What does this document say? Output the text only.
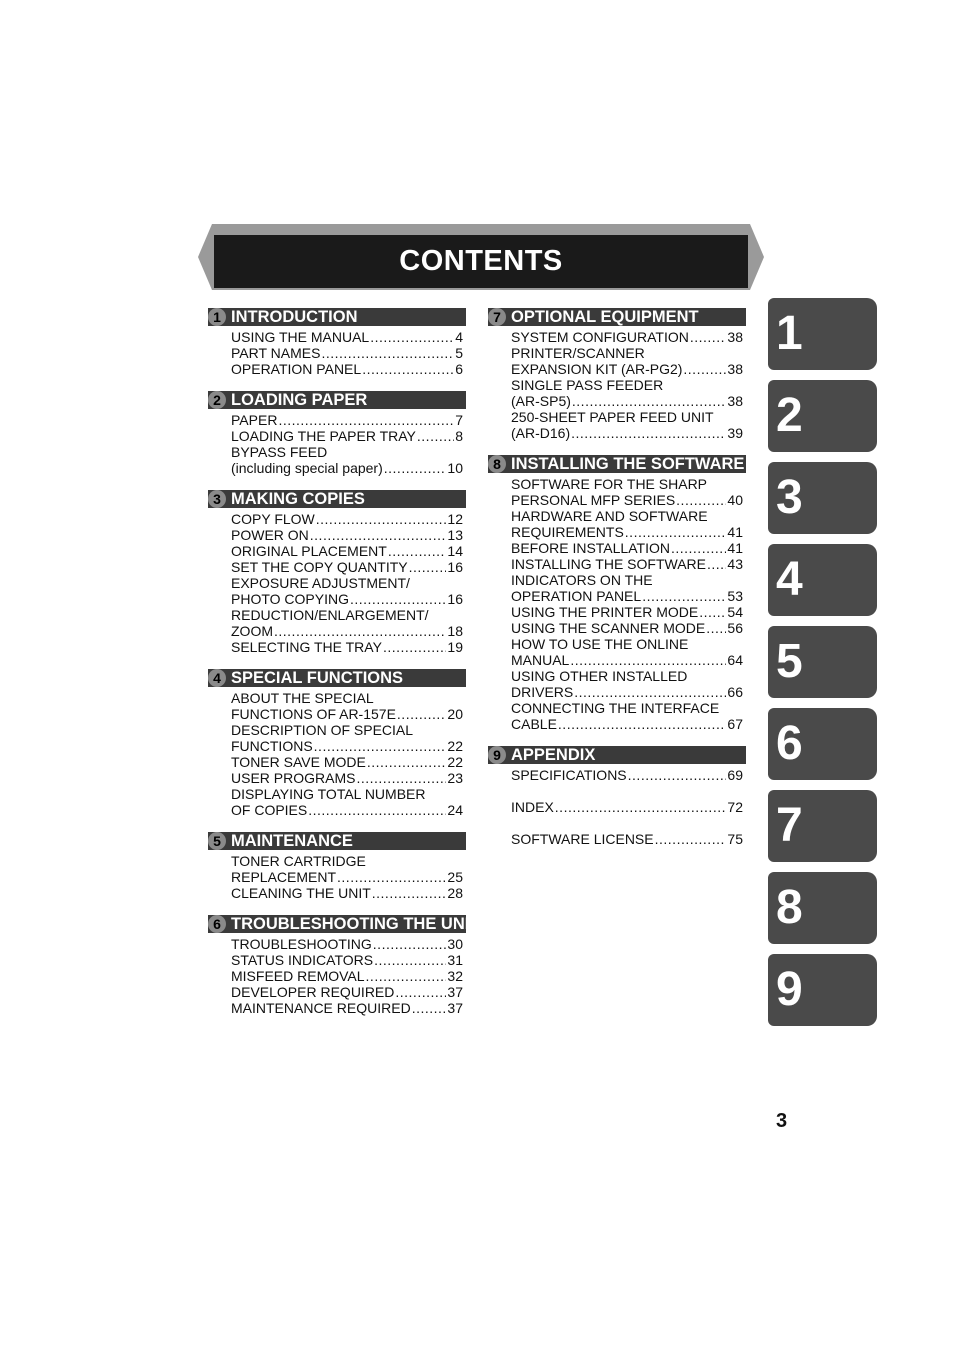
CONTENTS
1 INTRODUCTION
USING THE MANUAL .....	4
PART NAMES .....	5
OPERATION PANEL .....	6
2 LOADING PAPER
PAPER .....	7
LOADING THE PAPER TRAY .....	8
BYPASS FEED
(including special paper) .....	10
3 MAKING COPIES
COPY FLOW .....	12
POWER ON .....	13
ORIGINAL PLACEMENT .....	14
SET THE COPY QUANTITY .....	16
EXPOSURE ADJUSTMENT/
PHOTO COPYING .....	16
REDUCTION/ENLARGEMENT/
ZOOM .....	18
SELECTING THE TRAY .....	19
4 SPECIAL FUNCTIONS
ABOUT THE SPECIAL
FUNCTIONS OF AR-157E .....	20
DESCRIPTION OF SPECIAL
FUNCTIONS .....	22
TONER SAVE MODE .....	22
USER PROGRAMS .....	23
DISPLAYING TOTAL NUMBER
OF COPIES .....	24
5 MAINTENANCE
TONER CARTRIDGE
REPLACEMENT .....	25
CLEANING THE UNIT .....	28
6 TROUBLESHOOTING THE UNIT
TROUBLESHOOTING .....	30
STATUS INDICATORS .....	31
MISFEED REMOVAL .....	32
DEVELOPER REQUIRED .....	37
MAINTENANCE REQUIRED .....	37
7 OPTIONAL EQUIPMENT
SYSTEM CONFIGURATION .....	38
PRINTER/SCANNER
EXPANSION KIT (AR-PG2) .....	38
SINGLE PASS FEEDER
(AR-SP5) .....	38
250-SHEET PAPER FEED UNIT
(AR-D16) .....	39
8 INSTALLING THE SOFTWARE
SOFTWARE FOR THE SHARP
PERSONAL MFP SERIES .....	40
HARDWARE AND SOFTWARE
REQUIREMENTS .....	41
BEFORE INSTALLATION .....	41
INSTALLING THE SOFTWARE ..... 43
INDICATORS ON THE
OPERATION PANEL .....	53
USING THE PRINTER MODE ..... 54
USING THE SCANNER MODE ..... 56
HOW TO USE THE ONLINE
MANUAL .....	64
USING OTHER INSTALLED
DRIVERS .....	66
CONNECTING THE INTERFACE
CABLE .....	67
9 APPENDIX
SPECIFICATIONS .....	69
INDEX .....	72
SOFTWARE LICENSE .....	75
1
2
3
4
5
6
7
8
9
3
